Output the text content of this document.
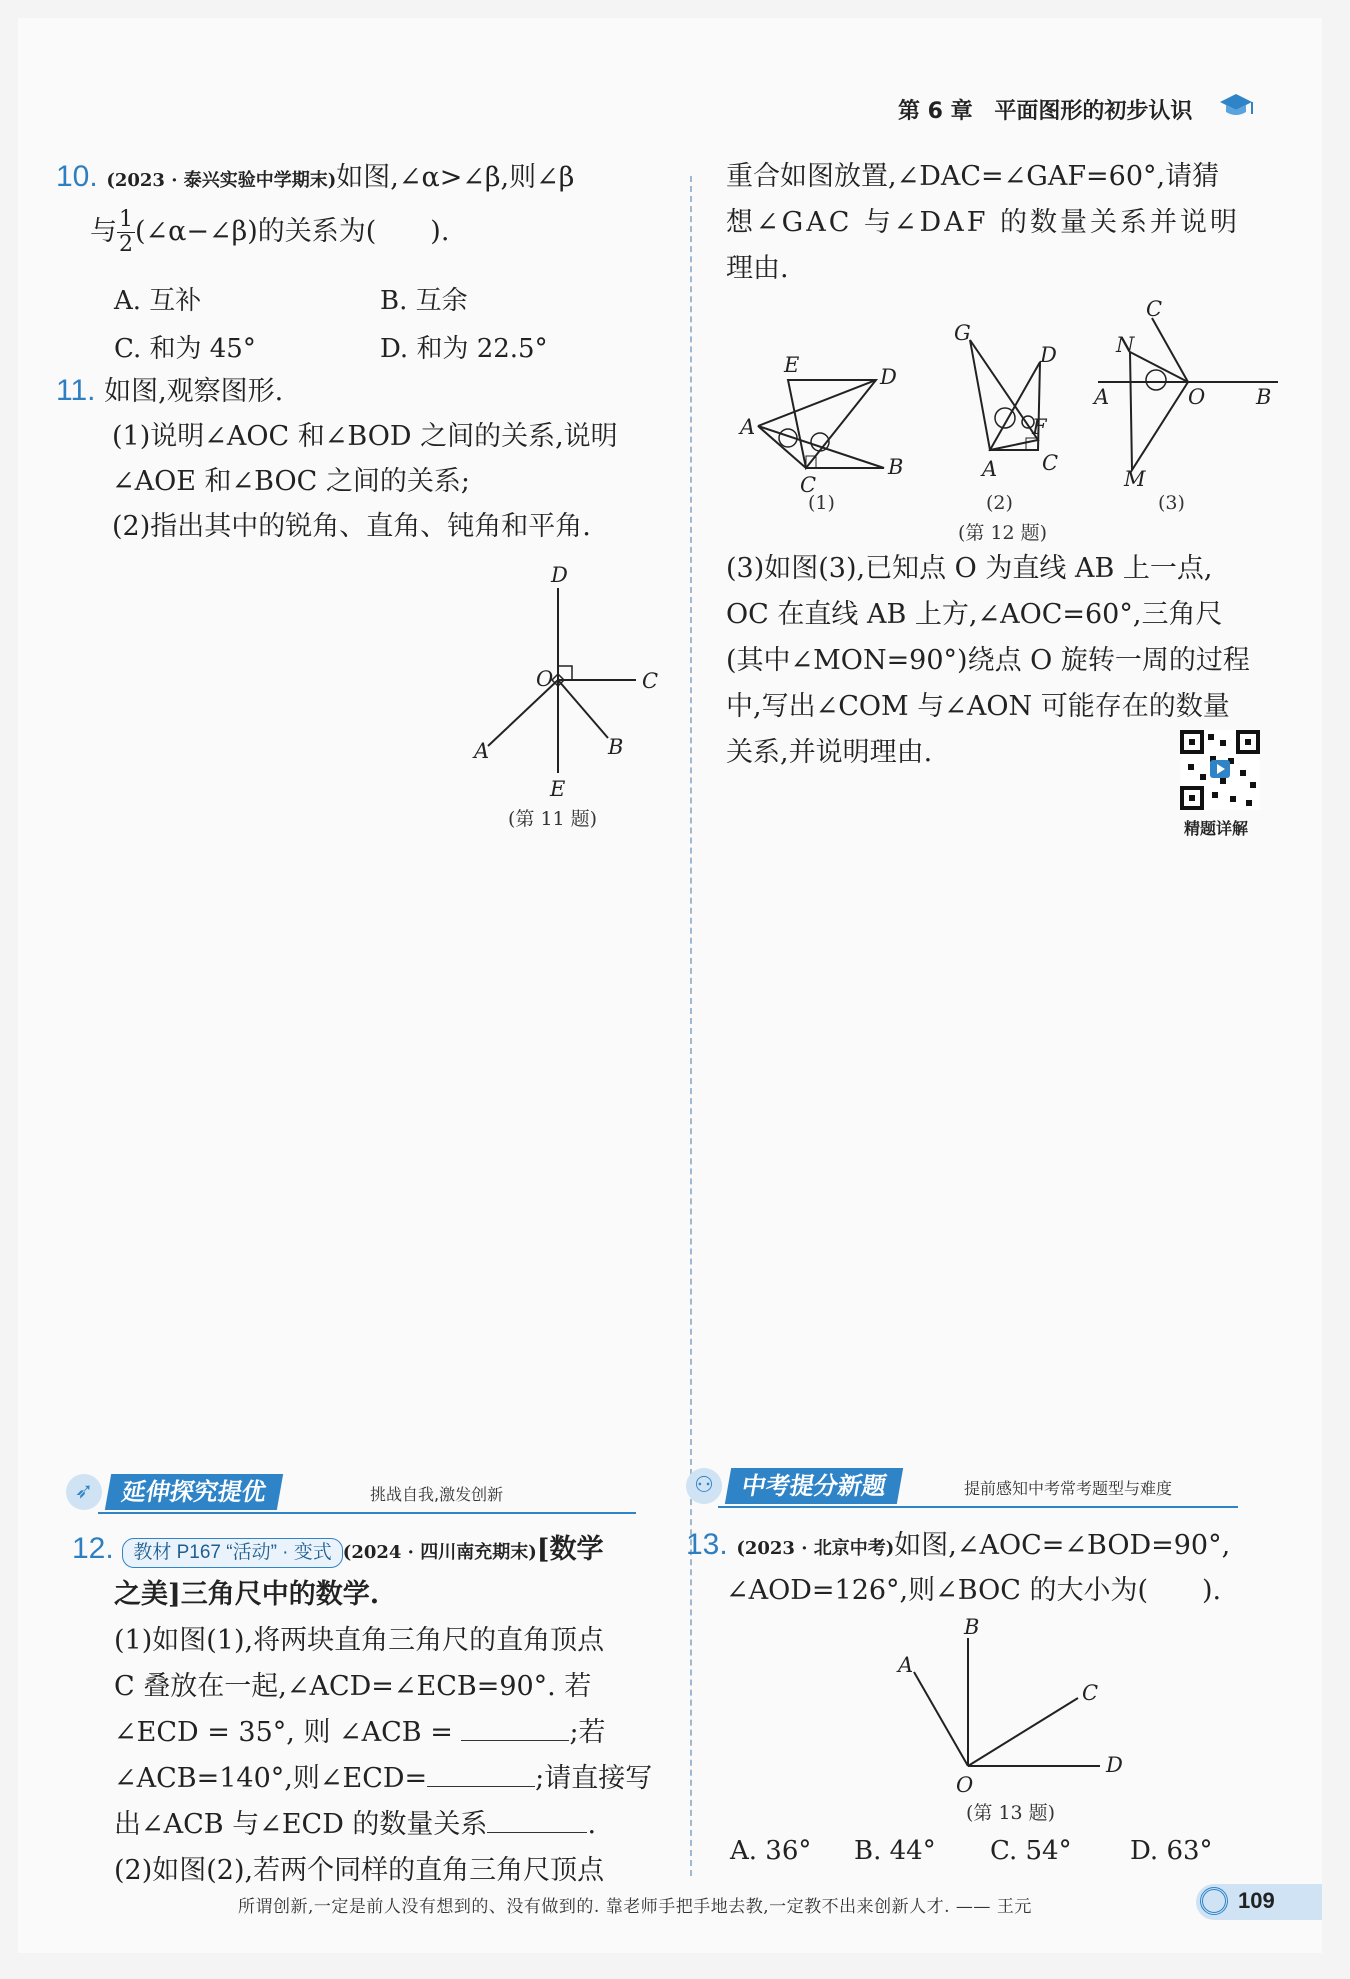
第 6 章 平面图形的初步认识
10. (2023 · 泰兴实验中学期末)如图,∠α>∠β,则∠β
与 $\frac{1}{2}$ (∠α−∠β)的关系为(　　).
A. 互补	B. 互余
C. 和为 45°	D. 和为 22.5°
11. 如图,观察图形.
(1)说明∠AOC 和∠BOD 之间的关系,说明
∠AOE 和∠BOC 之间的关系;
(2)指出其中的锐角、直角、钝角和平角.
D
O	C
A	B
E
(第 11 题)
➶	延伸探究提优	挑战自我,激发创新
12. 教材 P167 “活动” · 变式 (2024 · 四川南充期末)[数学
之美]三角尺中的数学.
(1)如图(1),将两块直角三角尺的直角顶点
C 叠放在一起,∠ACD=∠ECB=90°. 若
∠ECD = 35°, 则 ∠ACB =	;若
∠ACB=140°,则∠ECD=	;请直接写
出∠ACB 与∠ECD 的数量关系	.
(2)如图(2),若两个同样的直角三角尺顶点
重合如图放置,∠DAC=∠GAF=60°,请猜
想∠GAC 与∠DAF 的数量关系并说明
理由.
E	D
A
C
B
(1)
G
D
F
A C
(2)
C
N
A	O B
M
(3)
(第 12 题)
(3)如图(3),已知点 O 为直线 AB 上一点,
OC 在直线 AB 上方,∠AOC=60°,三角尺
(其中∠MON=90°)绕点 O 旋转一周的过程
中,写出∠COM 与∠AON 可能存在的数量
关系,并说明理由.
精题详解
⚇	中考提分新题	提前感知中考常考题型与难度
13. (2023 · 北京中考)如图,∠AOC=∠BOD=90°,
∠AOD=126°,则∠BOC 的大小为(　　).
B
A
C
O
D
(第 13 题)
A. 36° B. 44° C. 54° D. 63°
所谓创新,一定是前人没有想到的、没有做到的. 靠老师手把手地去教,一定教不出来创新人才. —— 王元	109
